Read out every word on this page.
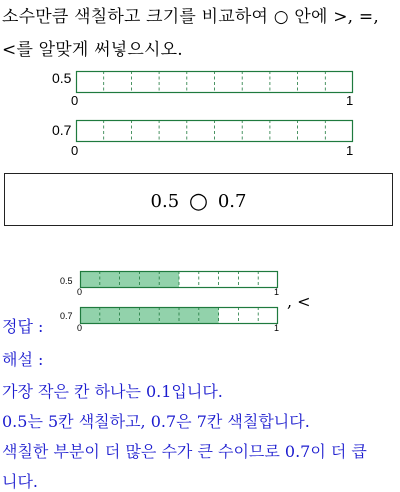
소수만큼 색칠하고 크기를 비교하여 ○ 안에 >, =,
<를 알맞게 써넣으시오.
0.5
0	1
0.7
0	1
0.5 ○ 0.7
0.5
0	1 , <
정답 :
0.7
0	1
해설 :
가장 작은 칸 하나는 0.1입니다.
0.5는 5칸 색칠하고, 0.7은 7칸 색칠합니다.
색칠한 부분이 더 많은 수가 큰 수이므로 0.7이 더 큽
니다.
